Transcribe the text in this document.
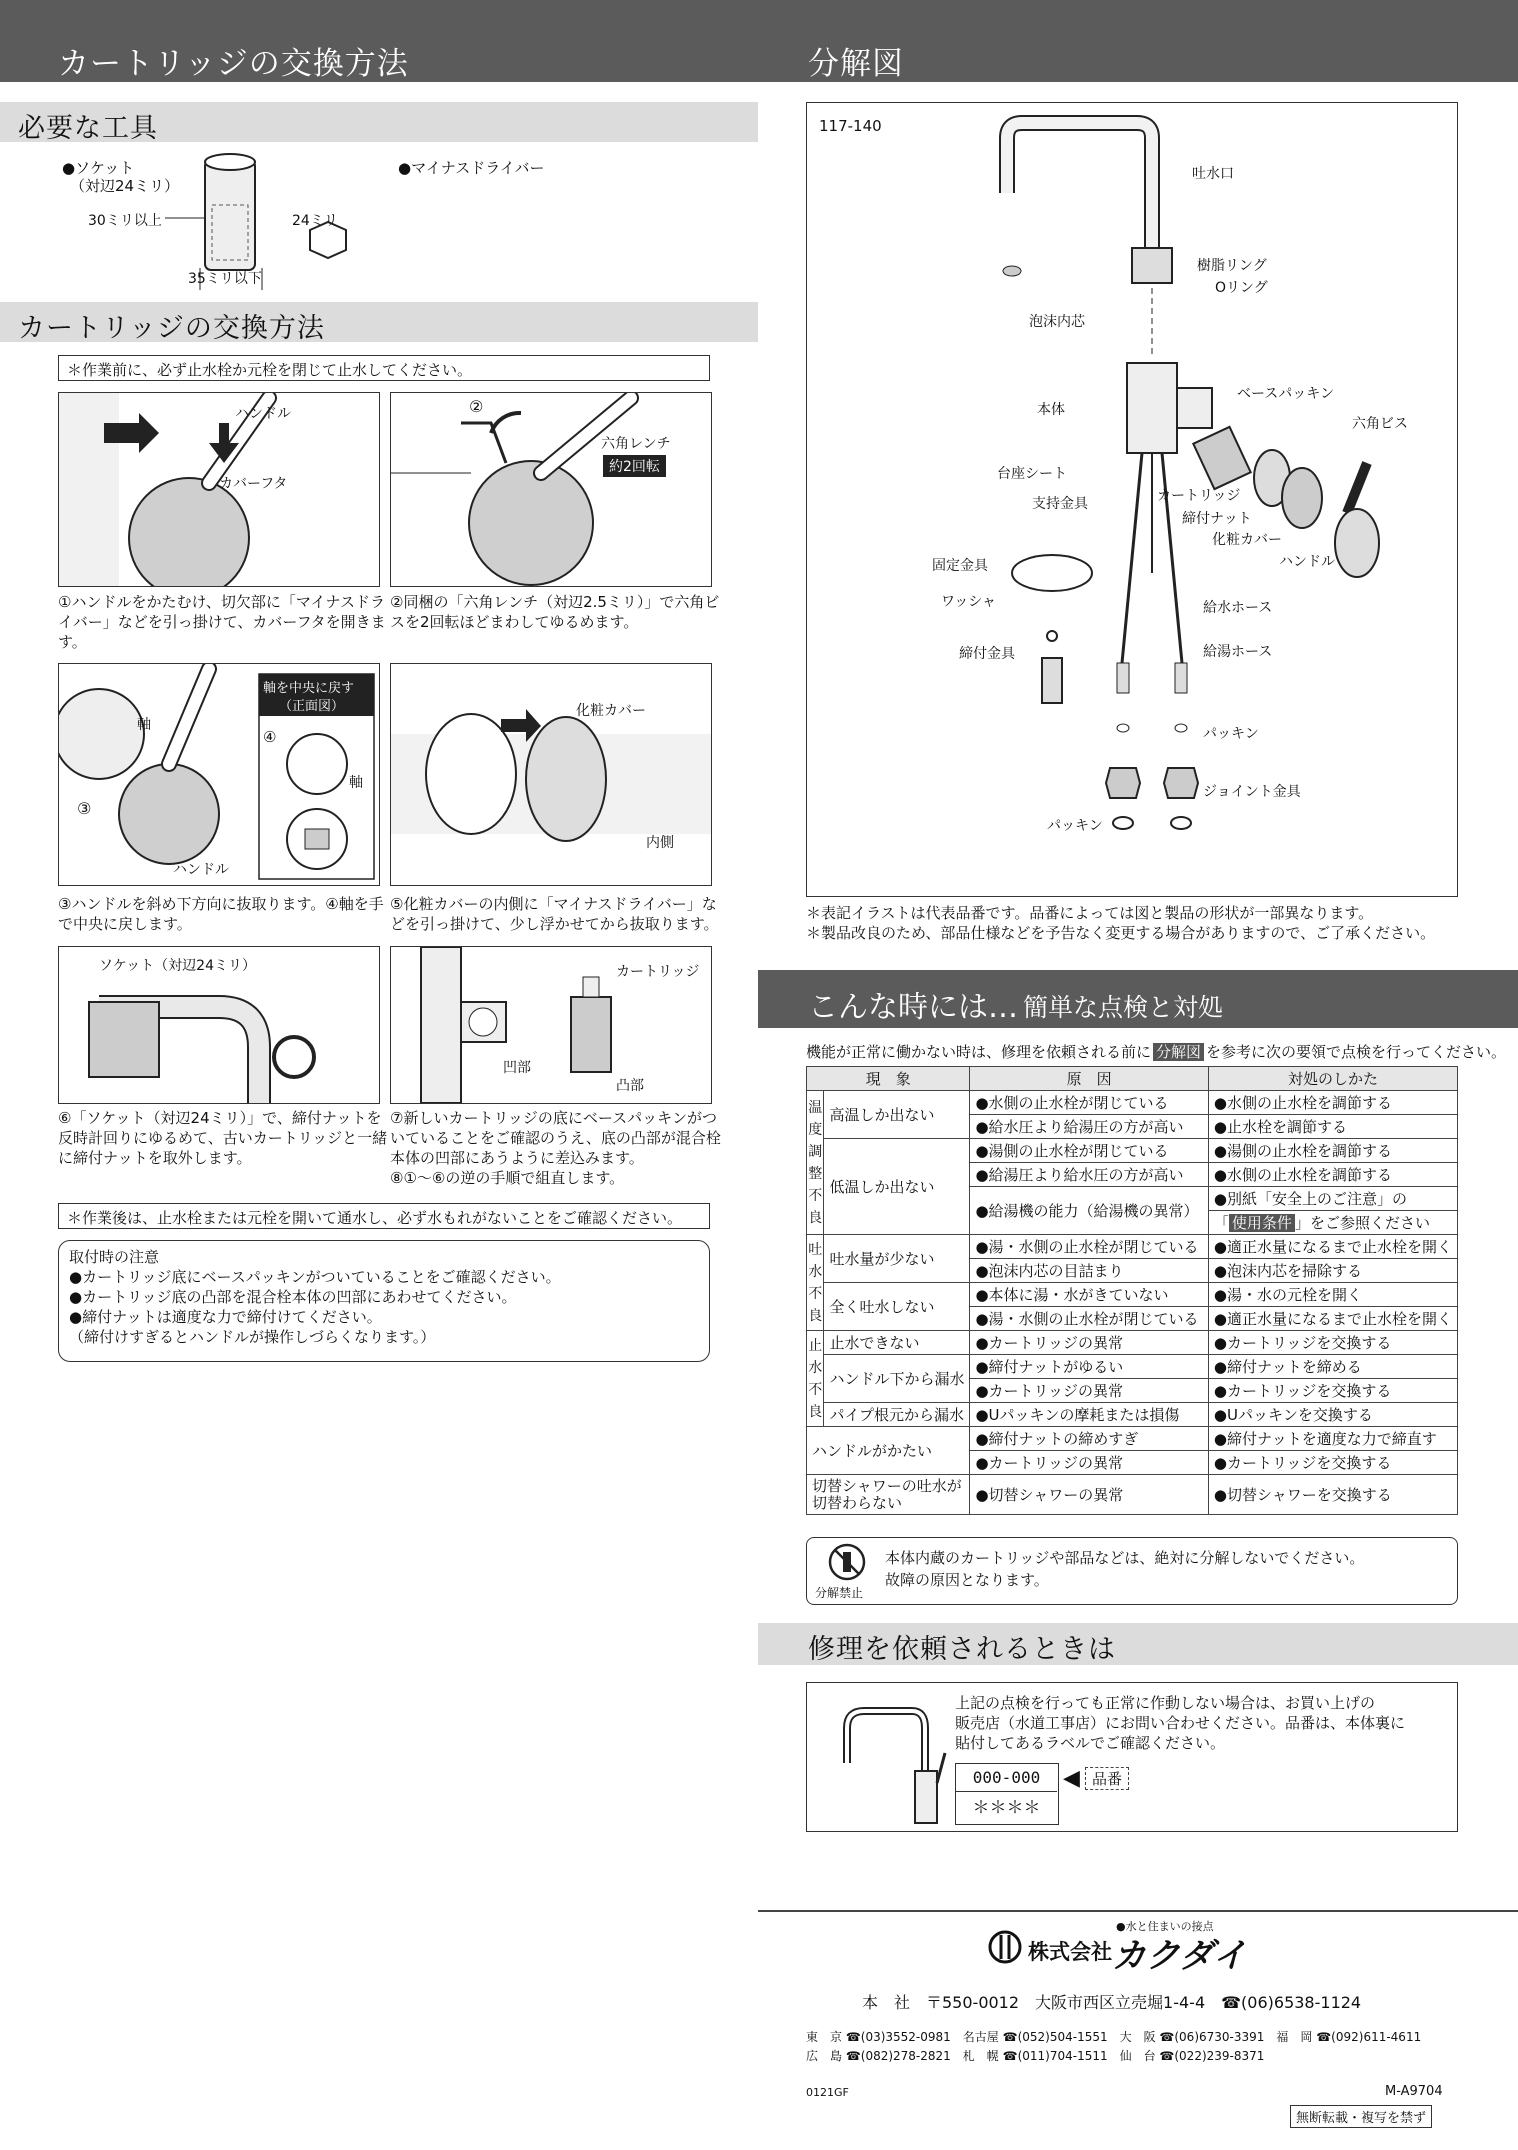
カートリッジの交換方法	分解図
必要な工具
●ソケット
（対辺24ミリ）
30ミリ以上	24ミリ
35ミリ以下
●マイナスドライバー
カートリッジの交換方法
＊作業前に、必ず止水栓か元栓を閉じて止水してください。
ハンドル
カバーフタ
②
六角レンチ
約2回転
①ハンドルをかたむけ、切欠部に「マイナスドライバー」などを引っ掛けて、カバーフタを開きます。
②同梱の「六角レンチ（対辺2.5ミリ）」で六角ビスを2回転ほどまわしてゆるめます。
軸
③
ハンドル
軸を中央に戻す
（正面図）
④
軸
化粧カバー
内側
③ハンドルを斜め下方向に抜取ります。④軸を手で中央に戻します。
⑤化粧カバーの内側に「マイナスドライバー」などを引っ掛けて、少し浮かせてから抜取ります。
ソケット（対辺24ミリ）	カートリッジ
凹部
凸部
⑥「ソケット（対辺24ミリ）」で、締付ナットを反時計回りにゆるめて、古いカートリッジと一緒に締付ナットを取外します。
⑦新しいカートリッジの底にベースパッキンがついていることをご確認のうえ、底の凸部が混合栓本体の凹部にあうように差込みます。
⑧①～⑥の逆の手順で組直します。
＊作業後は、止水栓または元栓を開いて通水し、必ず水もれがないことをご確認ください。
取付時の注意
●カートリッジ底にベースパッキンがついていることをご確認ください。
●カートリッジ底の凸部を混合栓本体の凹部にあわせてください。
●締付ナットは適度な力で締付けてください。
（締付けすぎるとハンドルが操作しづらくなります。）
117-140
吐水口
樹脂リング
Oリング
泡沫内芯
本体
ベースパッキン
六角ビス
台座シート
支持金具	カートリッジ
締付ナット
化粧カバー
ハンドル
固定金具
ワッシャ	給水ホース
給湯ホース
締付金具
パッキン
ジョイント金具
パッキン
＊表記イラストは代表品番です。品番によっては図と製品の形状が一部異なります。
＊製品改良のため、部品仕様などを予告なく変更する場合がありますので、ご了承ください。
こんな時には… 簡単な点検と対処
機能が正常に働かない時は、修理を依頼される前に 分解図 を参考に次の要領で点検を行ってください。
現　象		原　因	対処のしかた
温度調整不良	高温しか出ない	●水側の止水栓が閉じている	●水側の止水栓を調節する
		●給水圧より給湯圧の方が高い	●止水栓を調節する
	低温しか出ない	●湯側の止水栓が閉じている	●湯側の止水栓を調節する
		●給湯圧より給水圧の方が高い	●水側の止水栓を調節する
		●給湯機の能力（給湯機の異常）	●別紙「安全上のご注意」の
			「 使用条件 」をご参照ください
吐水不良	吐水量が少ない	●湯・水側の止水栓が閉じている	●適正水量になるまで止水栓を開く
		●泡沫内芯の目詰まり	●泡沫内芯を掃除する
	全く吐水しない	●本体に湯・水がきていない	●湯・水の元栓を開く
		●湯・水側の止水栓が閉じている	●適正水量になるまで止水栓を開く
止水不良	止水できない	●カートリッジの異常	●カートリッジを交換する
	ハンドル下から漏水	●締付ナットがゆるい	●締付ナットを締める
		●カートリッジの異常	●カートリッジを交換する
	パイプ根元から漏水	●Uパッキンの摩耗または損傷	●Uパッキンを交換する
ハンドルがかたい		●締付ナットの締めすぎ	●締付ナットを適度な力で締直す
		●カートリッジの異常	●カートリッジを交換する
切替シャワーの吐水が切替わらない		●切替シャワーの異常	●切替シャワーを交換する
分解禁止
本体内蔵のカートリッジや部品などは、絶対に分解しないでください。
故障の原因となります。
修理を依頼されるときは
上記の点検を行っても正常に作動しない場合は、お買い上げの
販売店（水道工事店）にお問い合わせください。品番は、本体裏に
貼付してあるラベルでご確認ください。
000-000
＊＊＊＊
◀ 品番
●水と住まいの接点
株式会社 カクダイ
本　社　〒550-0012　大阪市西区立売堀1-4-4　☎(06)6538-1124
東　京 ☎(03)3552-0981　名古屋 ☎(052)504-1551　大　阪 ☎(06)6730-3391　福　岡 ☎(092)611-4611
広　島 ☎(082)278-2821　札　幌 ☎(011)704-1511　仙　台 ☎(022)239-8371
0121GF	M-A9704
無断転載・複写を禁ず
